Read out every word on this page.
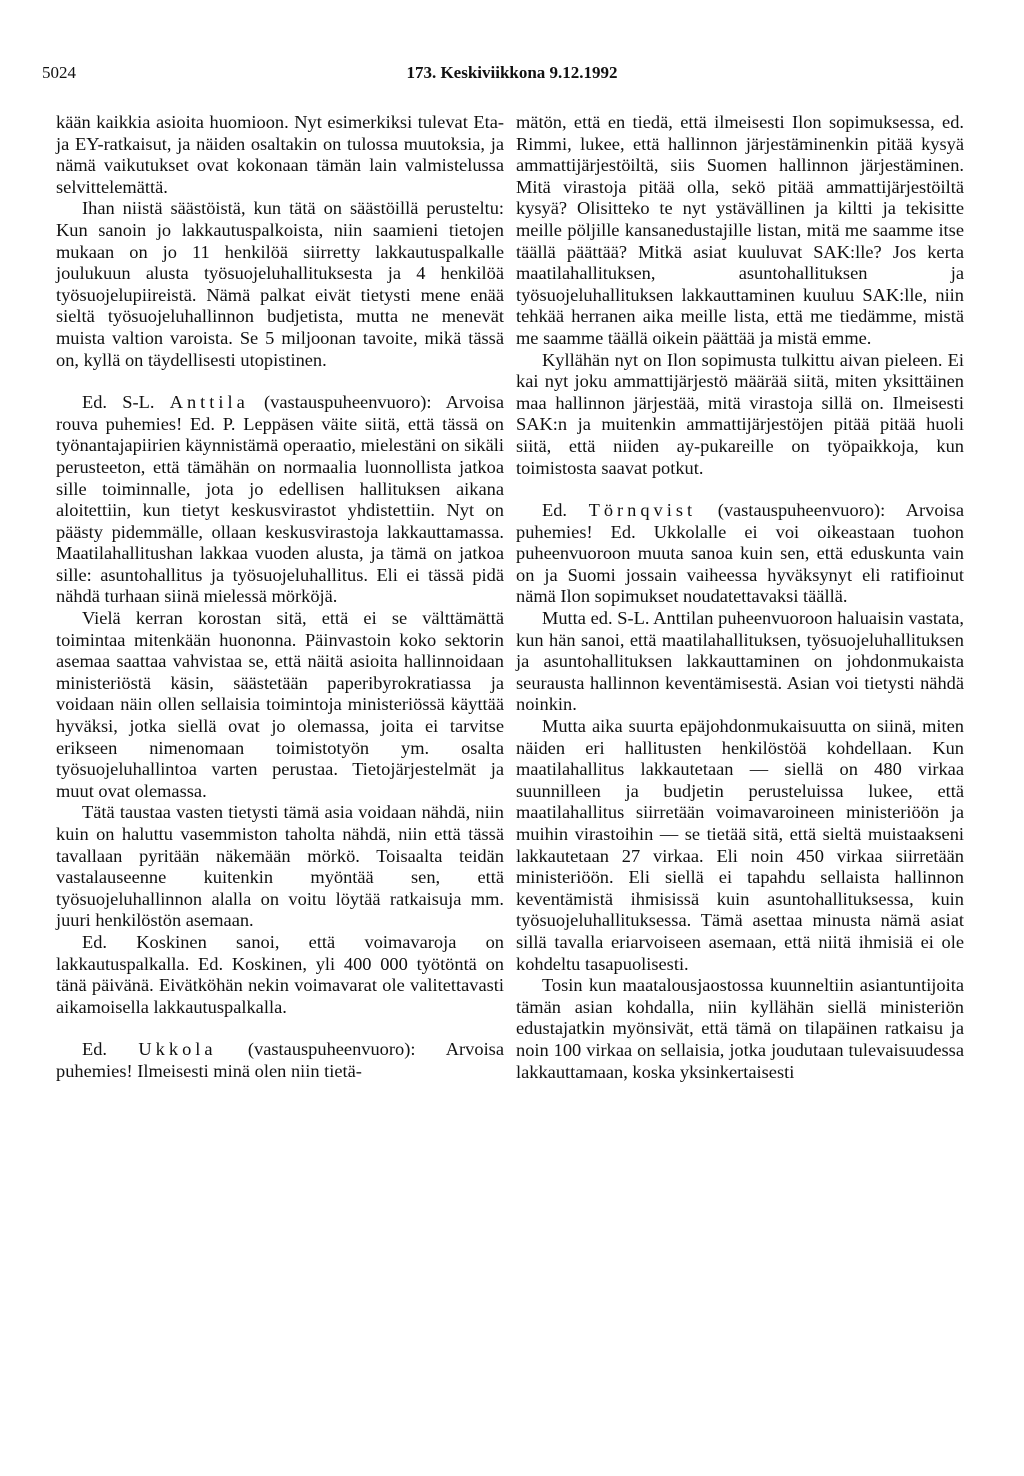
5024	173. Keskiviikkona 9.12.1992

kään kaikkia asioita huomioon. Nyt esimerkiksi tulevat Eta- ja EY-ratkaisut, ja näiden osaltakin on tulossa muutoksia, ja nämä vaikutukset ovat kokonaan tämän lain valmistelussa selvittelemättä.

Ihan niistä säästöistä, kun tätä on säästöillä perusteltu: Kun sanoin jo lakkautuspalkoista, niin saamieni tietojen mukaan on jo 11 henkilöä siirretty lakkautuspalkalle joulukuun alusta työsuojeluhallituksesta ja 4 henkilöä työsuojelupiireistä. Nämä palkat eivät tietysti mene enää sieltä työsuojeluhallinnon budjetista, mutta ne menevät muista valtion varoista. Se 5 miljoonan tavoite, mikä tässä on, kyllä on täydellisesti utopistinen.

Ed. S-L. Anttila (vastauspuheenvuoro): Arvoisa rouva puhemies! Ed. P. Leppäsen väite siitä, että tässä on työnantajapiirien käynnistämä operaatio, mielestäni on sikäli perusteeton, että tämähän on normaalia luonnollista jatkoa sille toiminnalle, jota jo edellisen hallituksen aikana aloitettiin, kun tietyt keskusvirastot yhdistettiin. Nyt on päästy pidemmälle, ollaan keskusvirastoja lakkauttamassa. Maatilahallitushan lakkaa vuoden alusta, ja tämä on jatkoa sille: asuntohallitus ja työsuojeluhallitus. Eli ei tässä pidä nähdä turhaan siinä mielessä mörköjä.

Vielä kerran korostan sitä, että ei se välttämättä toimintaa mitenkään huononna. Päinvastoin koko sektorin asemaa saattaa vahvistaa se, että näitä asioita hallinnoidaan ministeriöstä käsin, säästetään paperibyrokratiassa ja voidaan näin ollen sellaisia toimintoja ministeriössä käyttää hyväksi, jotka siellä ovat jo olemassa, joita ei tarvitse erikseen nimenomaan toimistotyön ym. osalta työsuojeluhallintoa varten perustaa. Tietojärjestelmät ja muut ovat olemassa.

Tätä taustaa vasten tietysti tämä asia voidaan nähdä, niin kuin on haluttu vasemmiston taholta nähdä, niin että tässä tavallaan pyritään näkemään mörkö. Toisaalta teidän vastalauseenne kuitenkin myöntää sen, että työsuojeluhallinnon alalla on voitu löytää ratkaisuja mm. juuri henkilöstön asemaan.

Ed. Koskinen sanoi, että voimavaroja on lakkautuspalkalla. Ed. Koskinen, yli 400 000 työtöntä on tänä päivänä. Eivätköhän nekin voimavarat ole valitettavasti aikamoisella lakkautuspalkalla.

Ed. Ukkola (vastauspuheenvuoro): Arvoisa puhemies! Ilmeisesti minä olen niin tietä-

mätön, että en tiedä, että ilmeisesti Ilon sopimuksessa, ed. Rimmi, lukee, että hallinnon järjestäminenkin pitää kysyä ammattijärjestöiltä, siis Suomen hallinnon järjestäminen. Mitä virastoja pitää olla, sekö pitää ammattijärjestöiltä kysyä? Olisitteko te nyt ystävällinen ja kiltti ja tekisitte meille pöljille kansanedustajille listan, mitä me saamme itse täällä päättää? Mitkä asiat kuuluvat SAK:lle? Jos kerta maatilahallituksen, asuntohallituksen ja työsuojeluhallituksen lakkauttaminen kuuluu SAK:lle, niin tehkää herranen aika meille lista, että me tiedämme, mistä me saamme täällä oikein päättää ja mistä emme.

Kyllähän nyt on Ilon sopimusta tulkittu aivan pieleen. Ei kai nyt joku ammattijärjestö määrää siitä, miten yksittäinen maa hallinnon järjestää, mitä virastoja sillä on. Ilmeisesti SAK:n ja muitenkin ammattijärjestöjen pitää pitää huoli siitä, että niiden ay-pukareille on työpaikkoja, kun toimistosta saavat potkut.

Ed. Törnqvist (vastauspuheenvuoro): Arvoisa puhemies! Ed. Ukkolalle ei voi oikeastaan tuohon puheenvuoroon muuta sanoa kuin sen, että eduskunta vain on ja Suomi jossain vaiheessa hyväksynyt eli ratifioinut nämä Ilon sopimukset noudatettavaksi täällä.

Mutta ed. S-L. Anttilan puheenvuoroon haluaisin vastata, kun hän sanoi, että maatilahallituksen, työsuojeluhallituksen ja asuntohallituksen lakkauttaminen on johdonmukaista seurausta hallinnon keventämisestä. Asian voi tietysti nähdä noinkin.

Mutta aika suurta epäjohdonmukaisuutta on siinä, miten näiden eri hallitusten henkilöstöä kohdellaan. Kun maatilahallitus lakkautetaan — siellä on 480 virkaa suunnilleen ja budjetin perusteluissa lukee, että maatilahallitus siirretään voimavaroineen ministeriöön ja muihin virastoihin — se tietää sitä, että sieltä muistaakseni lakkautetaan 27 virkaa. Eli noin 450 virkaa siirretään ministeriöön. Eli siellä ei tapahdu sellaista hallinnon keventämistä ihmisissä kuin asuntohallituksessa, kuin työsuojeluhallituksessa. Tämä asettaa minusta nämä asiat sillä tavalla eriarvoiseen asemaan, että niitä ihmisiä ei ole kohdeltu tasapuolisesti.

Tosin kun maatalousjaostossa kuunneltiin asiantuntijoita tämän asian kohdalla, niin kyllähän siellä ministeriön edustajatkin myönsivät, että tämä on tilapäinen ratkaisu ja noin 100 virkaa on sellaisia, jotka joudutaan tulevaisuudessa lakkauttamaan, koska yksinkertaisesti
